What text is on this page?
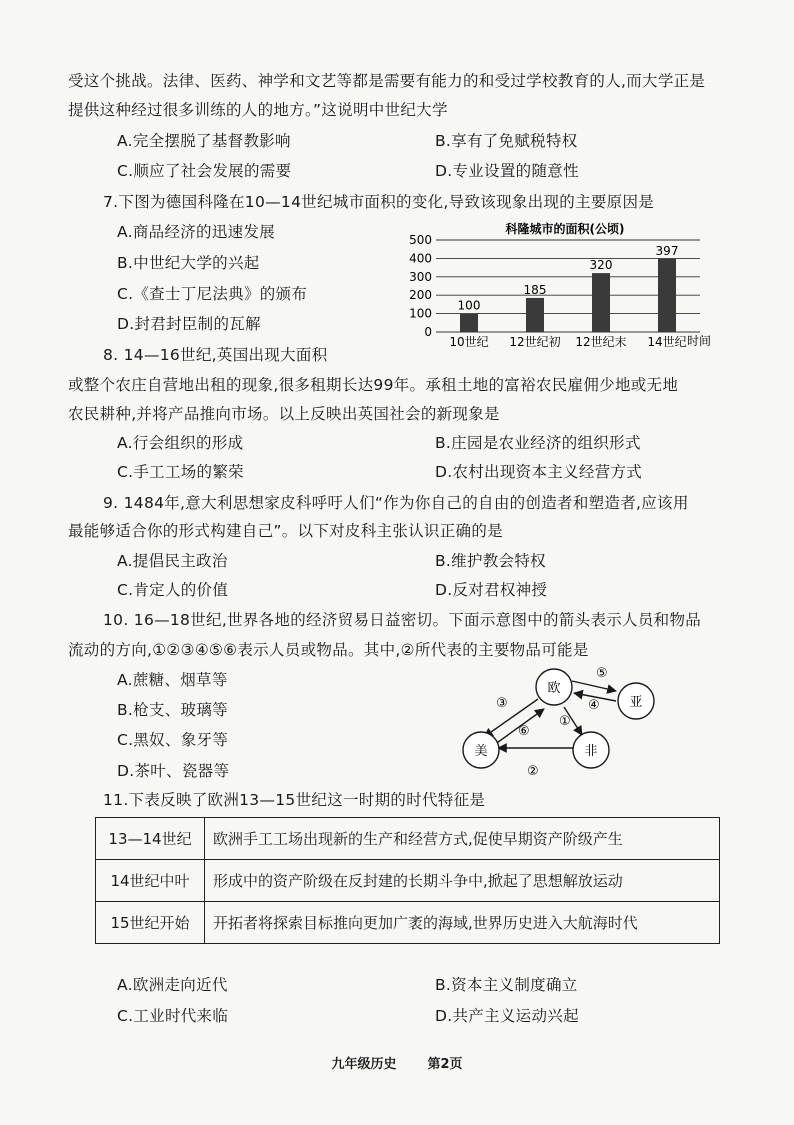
受这个挑战。法律、医药、神学和文艺等都是需要有能力的和受过学校教育的人,而大学正是
提供这种经过很多训练的人的地方。”这说明中世纪大学
A.完全摆脱了基督教影响	B.享有了免赋税特权
C.顺应了社会发展的需要	D.专业设置的随意性
7.下图为德国科隆在10—14世纪城市面积的变化,导致该现象出现的主要原因是
A.商品经济的迅速发展
B.中世纪大学的兴起
C.《查士丁尼法典》的颁布
D.封君封臣制的瓦解
科隆城市的面积(公顷)
0
100
200
300
400
500
100
185
320
397
10世纪 12世纪初 12世纪末 14世纪 时间
8. 14—16世纪,英国出现大面积
或整个农庄自营地出租的现象,很多租期长达99年。承租土地的富裕农民雇佣少地或无地
农民耕种,并将产品推向市场。以上反映出英国社会的新现象是
A.行会组织的形成	B.庄园是农业经济的组织形式
C.手工工场的繁荣	D.农村出现资本主义经营方式
9. 1484年,意大利思想家皮科呼吁人们“作为你自己的自由的创造者和塑造者,应该用
最能够适合你的形式构建自己”。以下对皮科主张认识正确的是
A.提倡民主政治	B.维护教会特权
C.肯定人的价值	D.反对君权神授
10. 16—18世纪,世界各地的经济贸易日益密切。下面示意图中的箭头表示人员和物品
流动的方向,①②③④⑤⑥表示人员或物品。其中,②所代表的主要物品可能是
A.蔗糖、烟草等
B.枪支、玻璃等
C.黑奴、象牙等
D.茶叶、瓷器等
欧
亚
美	非
①
②
③	④
⑤
⑥
11.下表反映了欧洲13—15世纪这一时期的时代特征是
13—14世纪	欧洲手工工场出现新的生产和经营方式,促使早期资产阶级产生
14世纪中叶	形成中的资产阶级在反封建的长期斗争中,掀起了思想解放运动
15世纪开始	开拓者将探索目标推向更加广袤的海域,世界历史进入大航海时代
A.欧洲走向近代	B.资本主义制度确立
C.工业时代来临	D.共产主义运动兴起
九年级历史 第2页
